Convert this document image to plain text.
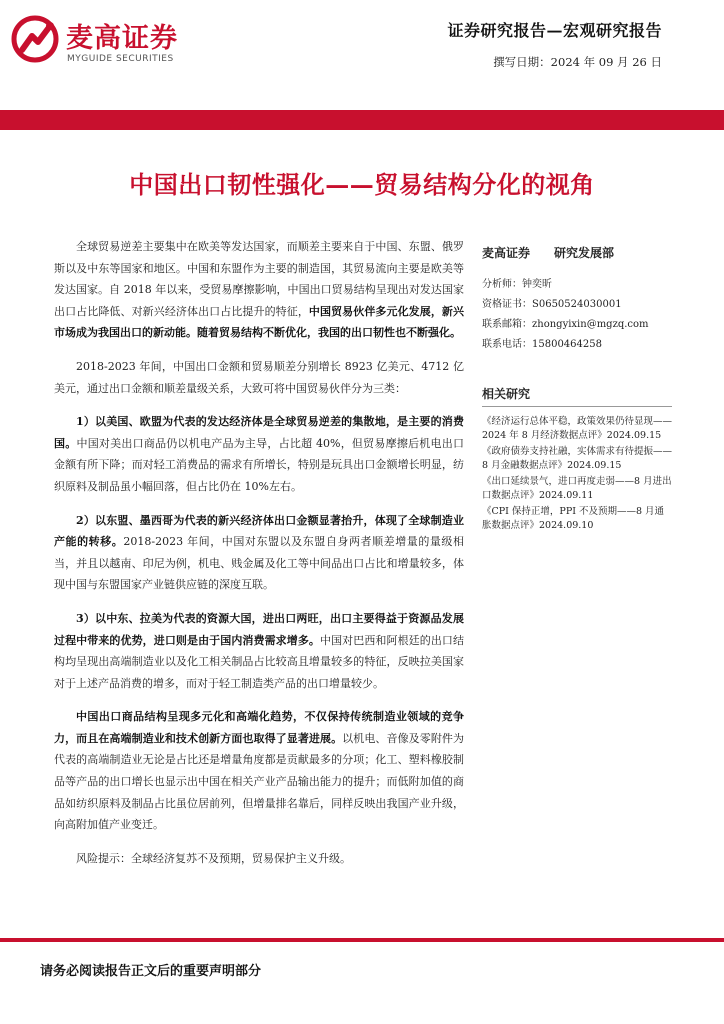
麦高证券
MYGUIDE SECURITIES
证券研究报告—宏观研究报告
撰写日期：2024 年 09 月 26 日
中国出口韧性强化——贸易结构分化的视角

全球贸易逆差主要集中在欧美等发达国家，而顺差主要来自于中国、东盟、俄罗斯以及中东等国家和地区。中国和东盟作为主要的制造国，其贸易流向主要是欧美等发达国家。自 2018 年以来，受贸易摩擦影响，中国出口贸易结构呈现出对发达国家出口占比降低、对新兴经济体出口占比提升的特征，中国贸易伙伴多元化发展，新兴市场成为我国出口的新动能。随着贸易结构不断优化，我国的出口韧性也不断强化。

2018-2023 年间，中国出口金额和贸易顺差分别增长 8923 亿美元、4712 亿美元，通过出口金额和顺差量级关系，大致可将中国贸易伙伴分为三类：

1）以美国、欧盟为代表的发达经济体是全球贸易逆差的集散地，是主要的消费国。中国对美出口商品仍以机电产品为主导，占比超 40%，但贸易摩擦后机电出口金额有所下降；而对轻工消费品的需求有所增长，特别是玩具出口金额增长明显，纺织原料及制品虽小幅回落，但占比仍在 10%左右。

2）以东盟、墨西哥为代表的新兴经济体出口金额显著抬升，体现了全球制造业产能的转移。2018-2023 年间，中国对东盟以及东盟自身两者顺差增量的量级相当，并且以越南、印尼为例，机电、贱金属及化工等中间品出口占比和增量较多，体现中国与东盟国家产业链供应链的深度互联。

3）以中东、拉美为代表的资源大国，进出口两旺，出口主要得益于资源品发展过程中带来的优势，进口则是由于国内消费需求增多。中国对巴西和阿根廷的出口结构均呈现出高端制造业以及化工相关制品占比较高且增量较多的特征，反映拉美国家对于上述产品消费的增多，而对于轻工制造类产品的出口增量较少。

中国出口商品结构呈现多元化和高端化趋势，不仅保持传统制造业领域的竞争力，而且在高端制造业和技术创新方面也取得了显著进展。以机电、音像及零附件为代表的高端制造业无论是占比还是增量角度都是贡献最多的分项；化工、塑料橡胶制品等产品的出口增长也显示出中国在相关产业产品输出能力的提升；而低附加值的商品如纺织原料及制品占比虽位居前列，但增量排名靠后，同样反映出我国产业升级，向高附加值产业变迁。

风险提示：全球经济复苏不及预期，贸易保护主义升级。

麦高证券 研究发展部
分析师：钟奕昕
资格证书：S0650524030001
联系邮箱：zhongyixin@mgzq.com
联系电话：15800464258
相关研究
《经济运行总体平稳，政策效果仍待显现——2024 年 8 月经济数据点评》2024.09.15
《政府债券支持社融，实体需求有待提振——8 月金融数据点评》2024.09.15
《出口延续景气，进口再度走弱——8 月进出口数据点评》2024.09.11
《CPI 保持正增，PPI 不及预期——8 月通胀数据点评》2024.09.10
请务必阅读报告正文后的重要声明部分
